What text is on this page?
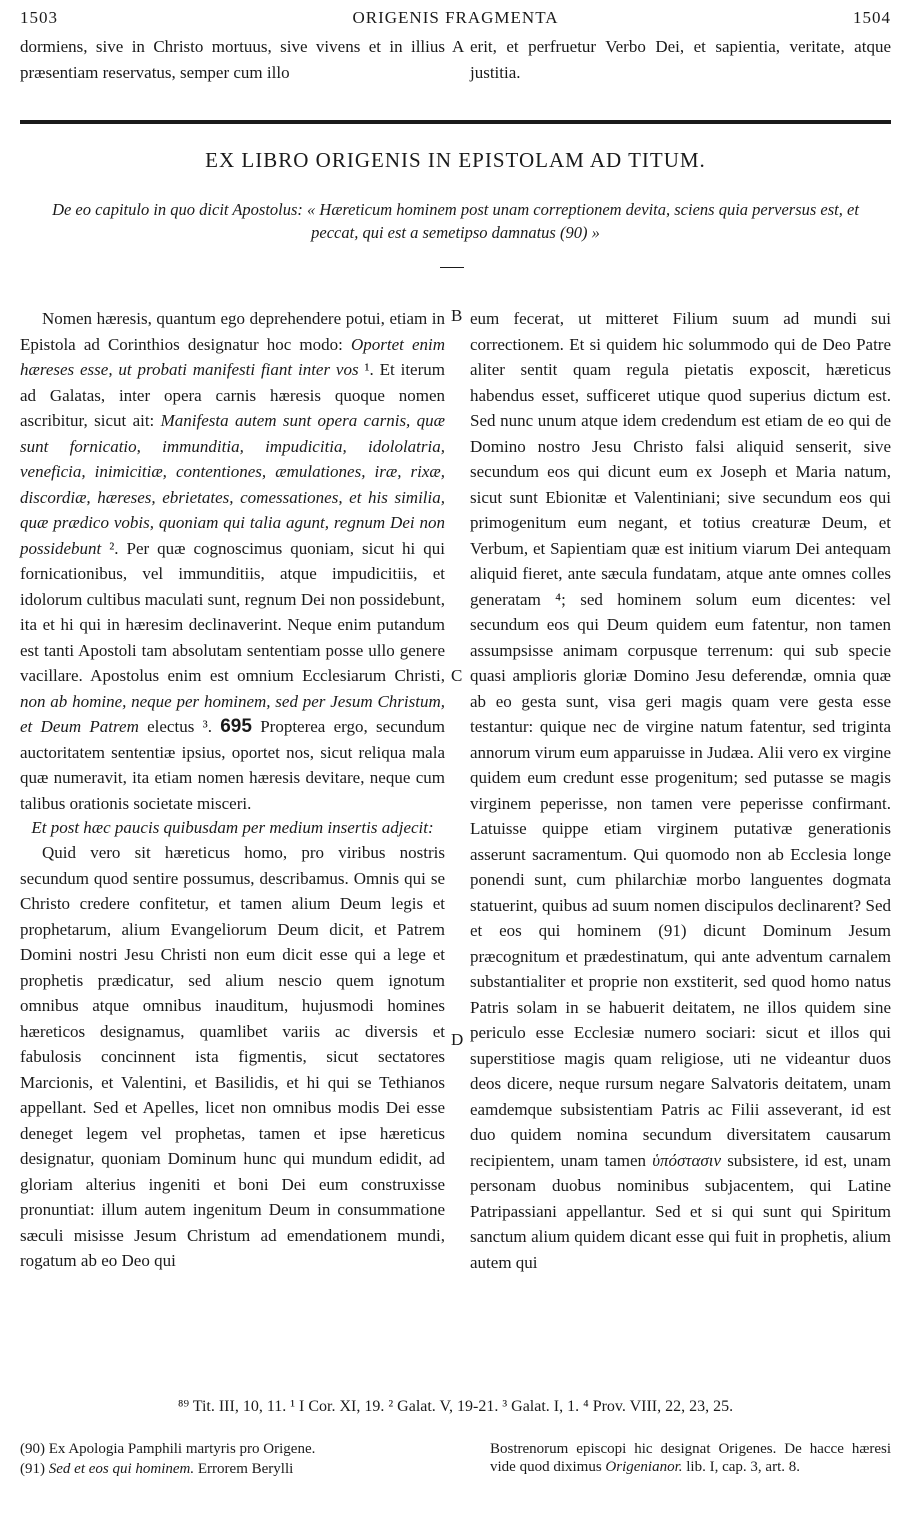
1503	ORIGENIS FRAGMENTA	1504
dormiens, sive in Christo mortuus, sive vivens et in illius præsentiam reservatus, semper cum illo
A erit, et perfruetur Verbo Dei, et sapientia, veritate, atque justitia.
EX LIBRO ORIGENIS IN EPISTOLAM AD TITUM.
De eo capitulo in quo dicit Apostolus: « Hæreticum hominem post unam correptionem devita, sciens quia perversus est, et peccat, qui est a semetipso damnatus (90) »

Nomen hæresis, quantum ego deprehendere potui, etiam in Epistola ad Corinthios designatur hoc modo: Oportet enim hæreses esse, ut probati manifesti fiant inter vos ¹. Et iterum ad Galatas, inter opera carnis hæresis quoque nomen ascribitur, sicut ait: Manifesta autem sunt opera carnis, quæ sunt fornicatio, immunditia, impudicitia, idololatria, veneficia, inimicitiæ, contentiones, æmulationes, iræ, rixæ, discordiæ, hæreses, ebrietates, comessationes, et his similia, quæ prædico vobis, quoniam qui talia agunt, regnum Dei non possidebunt ². Per quæ cognoscimus quoniam, sicut hi qui fornicationibus, vel immunditiis, atque impudicitiis, et idolorum cultibus maculati sunt, regnum Dei non possidebunt, ita et hi qui in hæresim declinaverint. Neque enim putandum est tanti Apostoli tam absolutam sententiam posse ullo genere vacillare. Apostolus enim est omnium Ecclesiarum Christi, non ab homine, neque per hominem, sed per Jesum Christum, et Deum Patrem electus ³. 695 Propterea ergo, secundum auctoritatem sententiæ ipsius, oportet nos, sicut reliqua mala quæ numeravit, ita etiam nomen hæresis devitare, neque cum talibus orationis societate misceri.

Et post hæc paucis quibusdam per medium insertis adjecit:

Quid vero sit hæreticus homo, pro viribus nostris secundum quod sentire possumus, describamus. Omnis qui se Christo credere confitetur, et tamen alium Deum legis et prophetarum, alium Evangeliorum Deum dicit, et Patrem Domini nostri Jesu Christi non eum dicit esse qui a lege et prophetis prædicatur, sed alium nescio quem ignotum omnibus atque omnibus inauditum, hujusmodi homines hæreticos designamus, quamlibet variis ac diversis et fabulosis concinnent ista figmentis, sicut sectatores Marcionis, et Valentini, et Basilidis, et hi qui se Tethianos appellant. Sed et Apelles, licet non omnibus modis Dei esse deneget legem vel prophetas, tamen et ipse hæreticus designatur, quoniam Dominum hunc qui mundum edidit, ad gloriam alterius ingeniti et boni Dei eum construxisse pronuntiat: illum autem ingenitum Deum in consummatione sæculi misisse Jesum Christum ad emendationem mundi, rogatum ab eo Deo qui

B
C
D

eum fecerat, ut mitteret Filium suum ad mundi sui correctionem. Et si quidem hic solummodo qui de Deo Patre aliter sentit quam regula pietatis exposcit, hæreticus habendus esset, sufficeret utique quod superius dictum est. Sed nunc unum atque idem credendum est etiam de eo qui de Domino nostro Jesu Christo falsi aliquid senserit, sive secundum eos qui dicunt eum ex Joseph et Maria natum, sicut sunt Ebionitæ et Valentiniani; sive secundum eos qui primogenitum eum negant, et totius creaturæ Deum, et Verbum, et Sapientiam quæ est initium viarum Dei antequam aliquid fieret, ante sæcula fundatam, atque ante omnes colles generatam ⁴; sed hominem solum eum dicentes: vel secundum eos qui Deum quidem eum fatentur, non tamen assumpsisse animam corpusque terrenum: qui sub specie quasi amplioris gloriæ Domino Jesu deferendæ, omnia quæ ab eo gesta sunt, visa geri magis quam vere gesta esse testantur: quique nec de virgine natum fatentur, sed triginta annorum virum eum apparuisse in Judæa. Alii vero ex virgine quidem eum credunt esse progenitum; sed putasse se magis virginem peperisse, non tamen vere peperisse confirmant. Latuisse quippe etiam virginem putativæ generationis asserunt sacramentum. Qui quomodo non ab Ecclesia longe ponendi sunt, cum philarchiæ morbo languentes dogmata statuerint, quibus ad suum nomen discipulos declinarent? Sed et eos qui hominem (91) dicunt Dominum Jesum præcognitum et prædestinatum, qui ante adventum carnalem substantialiter et proprie non exstiterit, sed quod homo natus Patris solam in se habuerit deitatem, ne illos quidem sine periculo esse Ecclesiæ numero sociari: sicut et illos qui superstitiose magis quam religiose, uti ne videantur duos deos dicere, neque rursum negare Salvatoris deitatem, unam eamdemque subsistentiam Patris ac Filii asseverant, id est duo quidem nomina secundum diversitatem causarum recipientem, unam tamen ὑπόστασιν subsistere, id est, unam personam duobus nominibus subjacentem, qui Latine Patripassiani appellantur. Sed et si qui sunt qui Spiritum sanctum alium quidem dicant esse qui fuit in prophetis, alium autem qui

⁸⁹ Tit. III, 10, 11. ¹ I Cor. XI, 19. ² Galat. V, 19-21. ³ Galat. I, 1. ⁴ Prov. VIII, 22, 23, 25.

(90) Ex Apologia Pamphili martyris pro Origene.

(91) Sed et eos qui hominem. Errorem Berylli

Bostrenorum episcopi hic designat Origenes. De hacce hæresi vide quod diximus Origenianor. lib. I, cap. 3, art. 8.
